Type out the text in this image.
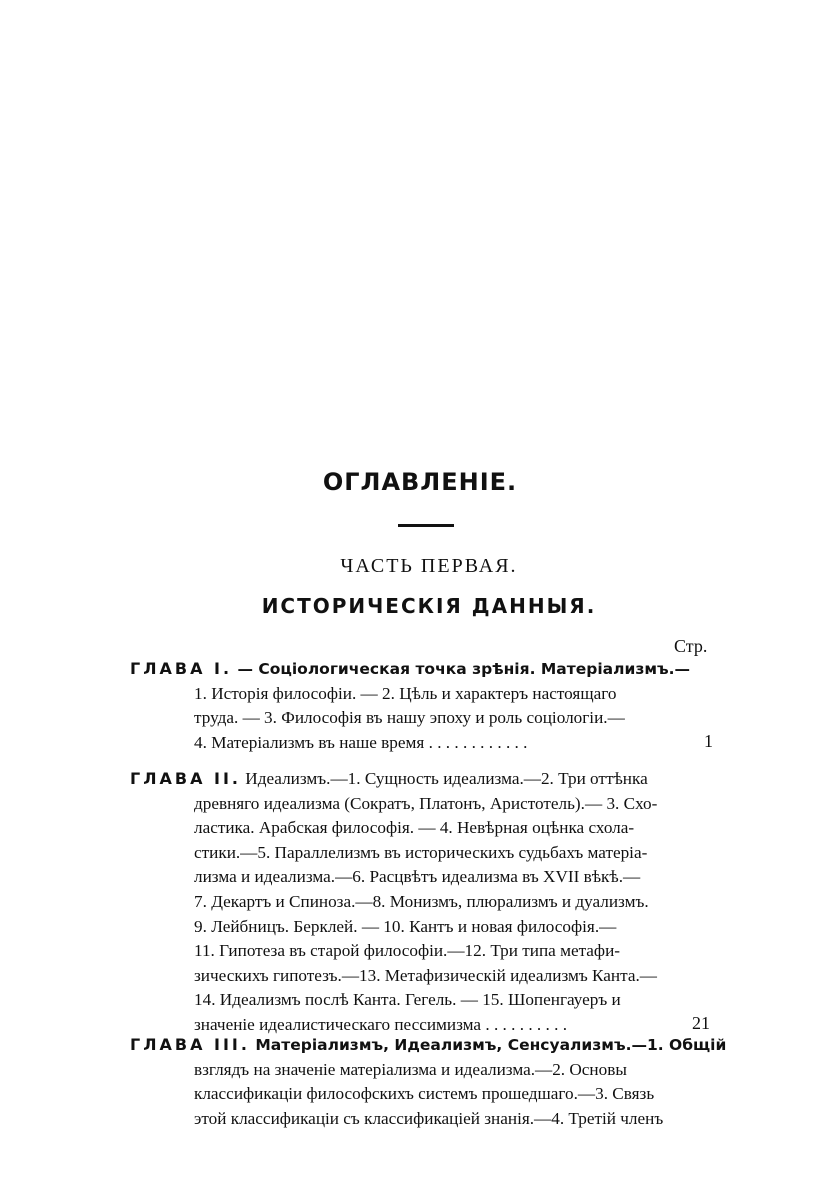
ОГЛАВЛЕНІЕ.
ЧАСТЬ ПЕРВАЯ.
ИСТОРИЧЕСКІЯ ДАННЫЯ.
Стр.
ГЛАВА I. — Соціологическая точка зрѣнія. Матеріализмъ.—
1. Исторія философіи. — 2. Цѣль и характеръ настоящаго
труда. — 3. Философія въ нашу эпоху и роль соціологіи.—
4. Матеріализмъ въ наше время . . . . . . . . . . . .	1
ГЛАВА II. Идеализмъ.—1. Сущность идеализма.—2. Три оттѣнка
древняго идеализма (Сократъ, Платонъ, Аристотель).— 3. Схо-
ластика. Арабская философія. — 4. Невѣрная оцѣнка схола-
стики.—5. Параллелизмъ въ историческихъ судьбахъ матеріа-
лизма и идеализма.—6. Расцвѣтъ идеализма въ XVII вѣкѣ.—
7. Декартъ и Спиноза.—8. Монизмъ, плюрализмъ и дуализмъ.
9. Лейбницъ. Берклей. — 10. Кантъ и новая философія.—
11. Гипотеза въ старой философіи.—12. Три типа метафи-
зическихъ гипотезъ.—13. Метафизическій идеализмъ Канта.—
14. Идеализмъ послѣ Канта. Гегель. — 15. Шопенгауеръ и
значеніе идеалистическаго пессимизма . . . . . . . . . .	21
ГЛАВА III. Матеріализмъ, Идеализмъ, Сенсуализмъ.—1. Общій
взглядъ на значеніе матеріализма и идеализма.—2. Основы
классификаціи философскихъ системъ прошедшаго.—3. Связь
этой классификаціи съ классификаціей знанія.—4. Третій членъ
